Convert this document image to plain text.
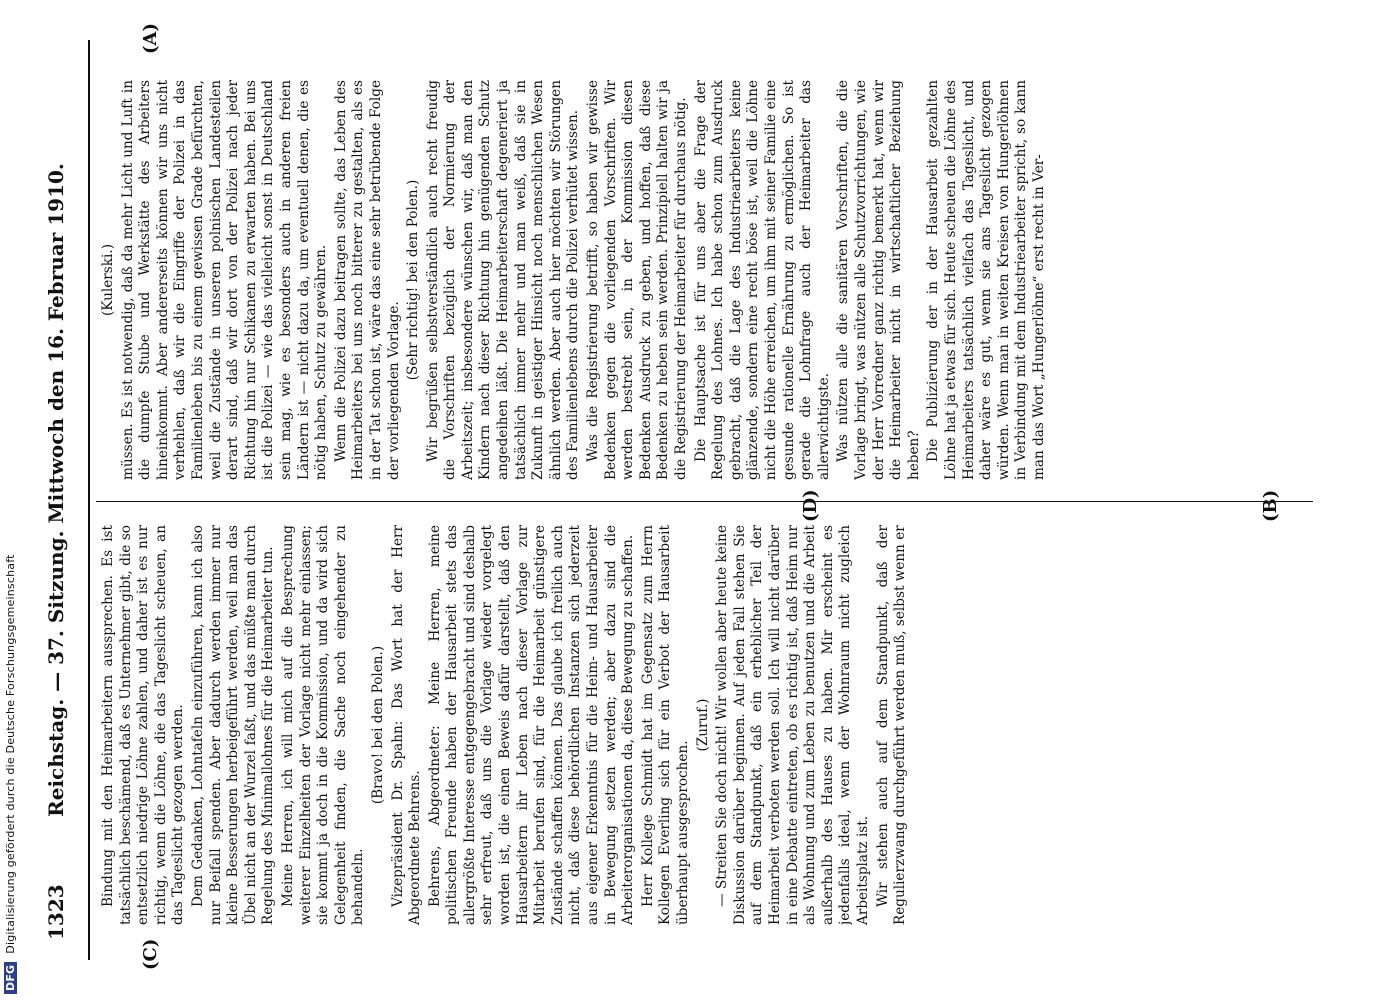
1323
Reichstag. — 37. Sitzung. Mittwoch den 16. Februar 1910.
(C)
(D)
(A)
(B)

Bindung mit den Heimarbeitern aussprechen. Es ist tatsächlich beschämend, daß es Unternehmer gibt, die so entsetzlich niedrige Löhne zahlen, und daher ist es nur richtig, wenn die Löhne, die das Tageslicht scheuen, an das Tageslicht gezogen werden. Dem Gedanken, Lohntafeln einzuführen, kann ich also nur Beifall spenden. Aber dadurch werden immer nur kleine Besserungen herbeigeführt werden, weil man das Übel nicht an der Wurzel faßt, und das müßte man durch Regelung des Minimallohnes für die Heimarbeiter tun. Meine Herren, ich will mich auf die Besprechung weiterer Einzelheiten der Vorlage nicht mehr einlassen; sie kommt ja doch in die Kommission, und da wird sich Gelegenheit finden, die Sache noch eingehender zu behandeln.

(Bravo! bei den Polen.) Vizepräsident Dr. Spahn: Das Wort hat der Herr Abgeordnete Behrens. Behrens, Abgeordneter: Meine Herren, meine politischen Freunde haben der Hausarbeit stets das allergrößte Interesse entgegengebracht und sind deshalb sehr erfreut, daß uns die Vorlage wieder vorgelegt worden ist, die einen Beweis dafür darstellt, daß den Hausarbeitern ihr Leben nach dieser Vorlage zur Mitarbeit berufen sind, für die Heimarbeit günstigere Zustände schaffen können. Das glaube ich freilich auch nicht, daß diese behördlichen Instanzen sich jederzeit aus eigener Erkenntnis für die Heim- und Hausarbeiter in Bewegung setzen werden; aber dazu sind die Arbeiterorganisationen da, diese Bewegung zu schaffen. Herr Kollege Schmidt hat im Gegensatz zum Herrn Kollegen Everling sich für ein Verbot der Hausarbeit überhaupt ausgesprochen.

(Zuruf.) — Streiten Sie doch nicht! Wir wollen aber heute keine Diskussion darüber beginnen. Auf jeden Fall stehen Sie auf dem Standpunkt, daß ein erheblicher Teil der Heimarbeit verboten werden soll. Ich will nicht darüber in eine Debatte eintreten, ob es richtig ist, daß Heim nur als Wohnung und zum Leben zu benutzen und die Arbeit außerhalb des Hauses zu haben. Mir erscheint es jedenfalls ideal, wenn der Wohnraum nicht zugleich Arbeitsplatz ist. Wir stehen auch auf dem Standpunkt, daß der Regulierzwang durchgeführt werden muß, selbst wenn er

(Kulerski.) müssen. Es ist notwendig, daß da mehr Licht und Luft in die dumpfe Stube und Werkstätte des Arbeiters hineinkommt. Aber andererseits können wir uns nicht verhehlen, daß wir die Eingriffe der Polizei in das Familienleben bis zu einem gewissen Grade befürchten, weil die Zustände in unseren polnischen Landesteilen derart sind, daß wir dort von der Polizei nach jeder Richtung hin nur Schikanen zu erwarten haben. Bei uns ist die Polizei — wie das vielleicht sonst in Deutschland sein mag, wie es besonders auch in anderen freien Ländern ist — nicht dazu da, um eventuell denen, die es nötig haben, Schutz zu gewähren. Wenn die Polizei dazu beitragen sollte, das Leben des Heimarbeiters bei uns noch bitterer zu gestalten, als es in der Tat schon ist, wäre das eine sehr betrübende Folge der vorliegenden Vorlage.

(Sehr richtig! bei den Polen.) Wir begrüßen selbstverständlich auch recht freudig die Vorschriften bezüglich der Normierung der Arbeitszeit; insbesondere wünschen wir, daß man den Kindern nach dieser Richtung hin genügenden Schutz angedeihen läßt. Die Heimarbeiterschaft degeneriert ja tatsächlich immer mehr und man weiß, daß sie in Zukunft in geistiger Hinsicht noch menschlichen Wesen ähnlich werden. Aber auch hier möchten wir Störungen des Familienlebens durch die Polizei verhütet wissen. Was die Registrierung betrifft, so haben wir gewisse Bedenken gegen die vorliegenden Vorschriften. Wir werden bestrebt sein, in der Kommission diesen Bedenken Ausdruck zu geben, und hoffen, daß diese Bedenken zu heben sein werden. Prinzipiell halten wir ja die Registrierung der Heimarbeiter für durchaus nötig. Die Hauptsache ist für uns aber die Frage der Regelung des Lohnes. Ich habe schon zum Ausdruck gebracht, daß die Lage des Industriearbeiters keine glänzende, sondern eine recht böse ist, weil die Löhne nicht die Höhe erreichen, um ihm mit seiner Familie eine gesunde rationelle Ernährung zu ermöglichen. So ist gerade die Lohnfrage auch der Heimarbeiter das allerwichtigste. Was nützen alle die sanitären Vorschriften, die die Vorlage bringt, was nützen alle Schutzvorrichtungen, wie der Herr Vorredner ganz richtig bemerkt hat, wenn wir die Heimarbeiter nicht in wirtschaftlicher Beziehung heben? Die Publizierung der in der Hausarbeit gezahlten Löhne hat ja etwas für sich. Heute scheuen die Löhne des Heimarbeiters tatsächlich vielfach das Tageslicht, und daher wäre es gut, wenn sie ans Tageslicht gezogen würden. Wenn man in weiten Kreisen von Hungerlöhnen in Verbindung mit dem Industriearbeiter spricht, so kann man das Wort „Hungerlöhne“ erst recht in Ver-

DFGDigitalisierung gefördert durch die Deutsche Forschungsgemeinschaft
